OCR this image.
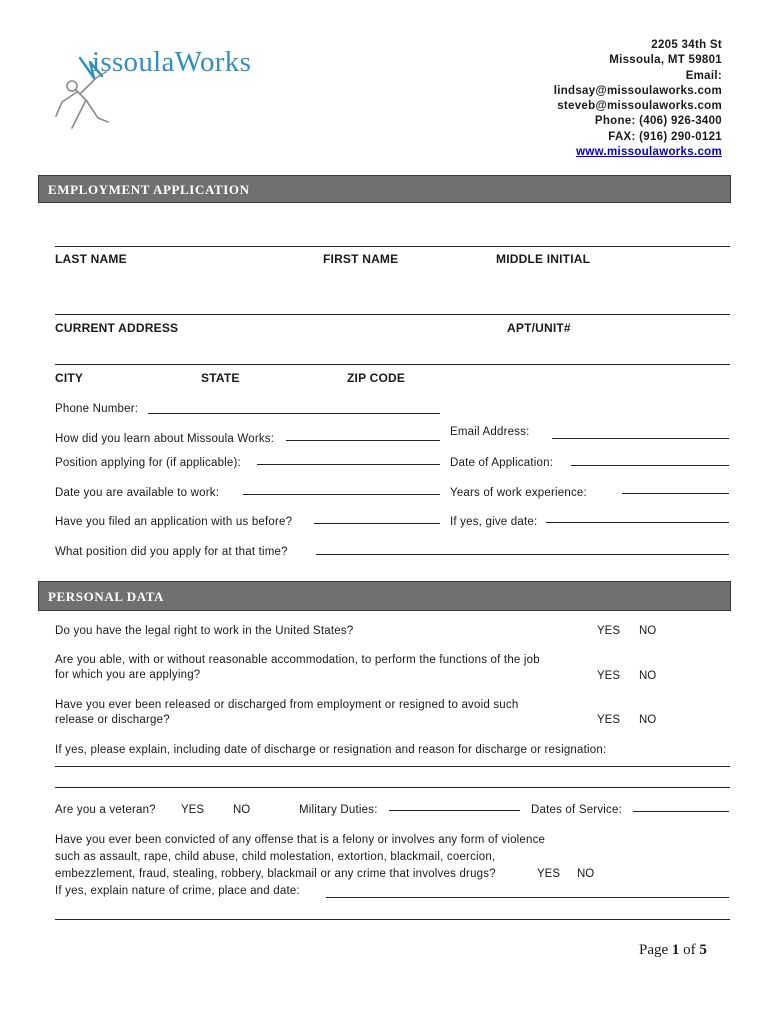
issoulaWorks
2205 34th St
Missoula, MT 59801
Email:
lindsay@missoulaworks.com
steveb@missoulaworks.com
Phone: (406) 926-3400
FAX: (916) 290-0121
www.missoulaworks.com
EMPLOYMENT APPLICATION
LAST NAME	FIRST NAME	MIDDLE INITIAL
CURRENT ADDRESS	APT/UNIT#
CITY	STATE	ZIP CODE
Phone Number:
How did you learn about Missoula Works:
Email Address:
Position applying for (if applicable):	Date of Application:
Date you are available to work:	Years of work experience:
Have you filed an application with us before?	If yes, give date:
What position did you apply for at that time?
PERSONAL DATA
Do you have the legal right to work in the United States?	YES NO
Are you able, with or without reasonable accommodation, to perform the functions of the job
for which you are applying?	YES NO
Have you ever been released or discharged from employment or resigned to avoid such
release or discharge?	YES NO
If yes, please explain, including date of discharge or resignation and reason for discharge or resignation:
Are you a veteran? YES	NO	Military Duties:	Dates of Service:
Have you ever been convicted of any offense that is a felony or involves any form of violence
such as assault, rape, child abuse, child molestation, extortion, blackmail, coercion,
embezzlement, fraud, stealing, robbery, blackmail or any crime that involves drugs?	YES NO
If yes, explain nature of crime, place and date:
Page 1 of 5
